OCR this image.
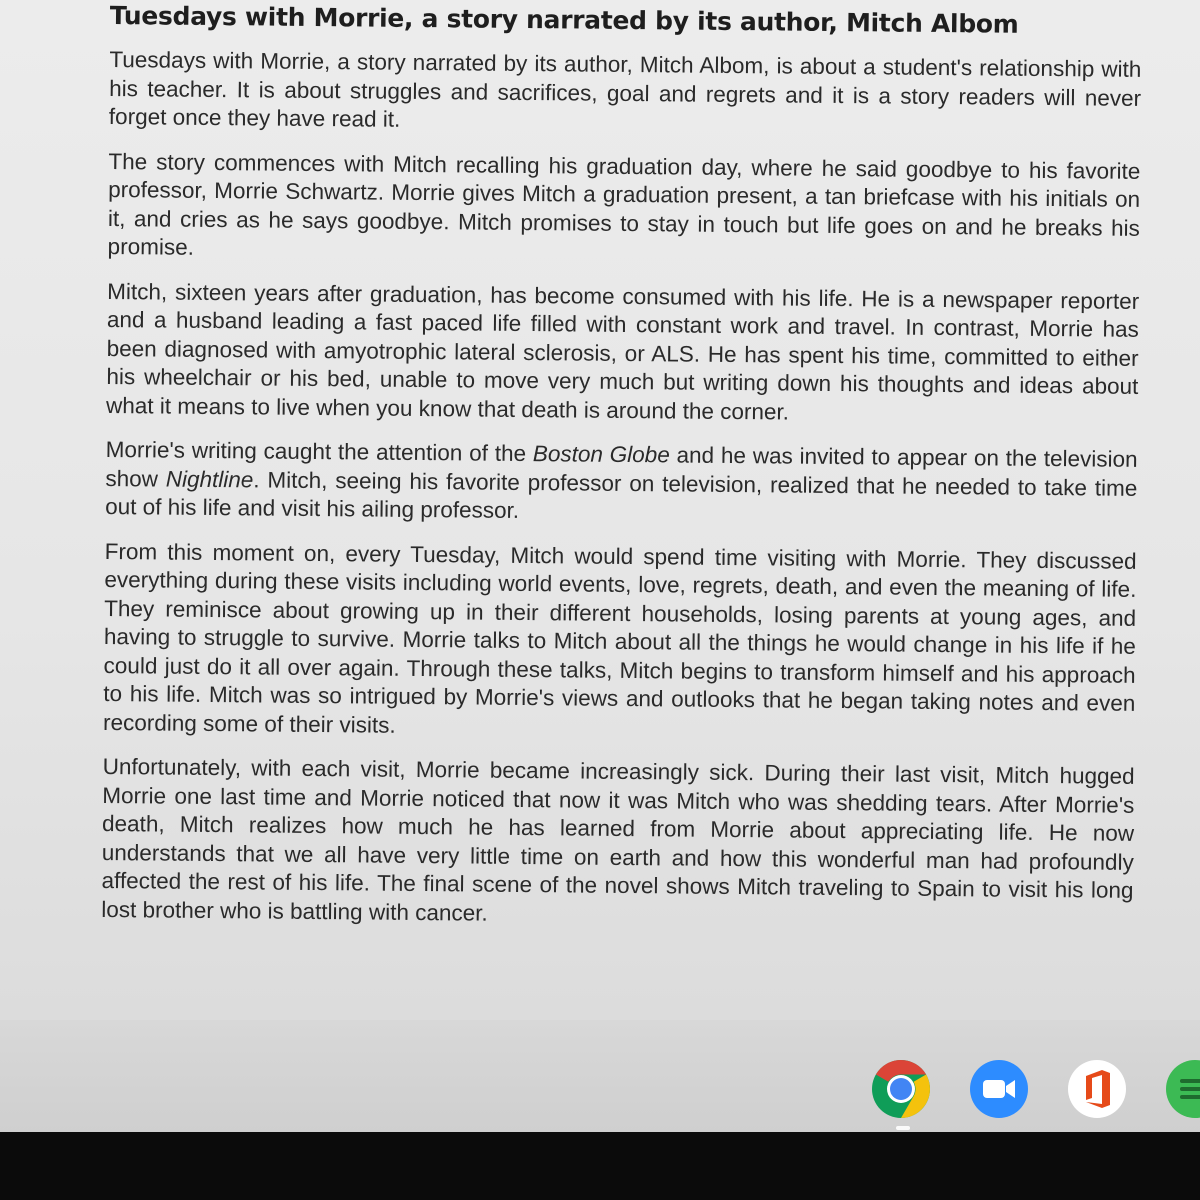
Tuesdays with Morrie, a story narrated by its author, Mitch Albom

Tuesdays with Morrie, a story narrated by its author, Mitch Albom, is about a student's relationship with his teacher. It is about struggles and sacrifices, goal and regrets and it is a story readers will never forget once they have read it.

The story commences with Mitch recalling his graduation day, where he said goodbye to his favorite professor, Morrie Schwartz. Morrie gives Mitch a graduation present, a tan briefcase with his initials on it, and cries as he says goodbye. Mitch promises to stay in touch but life goes on and he breaks his promise.

Mitch, sixteen years after graduation, has become consumed with his life. He is a newspaper reporter and a husband leading a fast paced life filled with constant work and travel. In contrast, Morrie has been diagnosed with amyotrophic lateral sclerosis, or ALS. He has spent his time, committed to either his wheelchair or his bed, unable to move very much but writing down his thoughts and ideas about what it means to live when you know that death is around the corner.

Morrie's writing caught the attention of the Boston Globe and he was invited to appear on the television show Nightline. Mitch, seeing his favorite professor on television, realized that he needed to take time out of his life and visit his ailing professor.

From this moment on, every Tuesday, Mitch would spend time visiting with Morrie. They discussed everything during these visits including world events, love, regrets, death, and even the meaning of life. They reminisce about growing up in their different households, losing parents at young ages, and having to struggle to survive. Morrie talks to Mitch about all the things he would change in his life if he could just do it all over again. Through these talks, Mitch begins to transform himself and his approach to his life. Mitch was so intrigued by Morrie's views and outlooks that he began taking notes and even recording some of their visits.

Unfortunately, with each visit, Morrie became increasingly sick. During their last visit, Mitch hugged Morrie one last time and Morrie noticed that now it was Mitch who was shedding tears. After Morrie's death, Mitch realizes how much he has learned from Morrie about appreciating life. He now understands that we all have very little time on earth and how this wonderful man had profoundly affected the rest of his life. The final scene of the novel shows Mitch traveling to Spain to visit his long lost brother who is battling with cancer.
